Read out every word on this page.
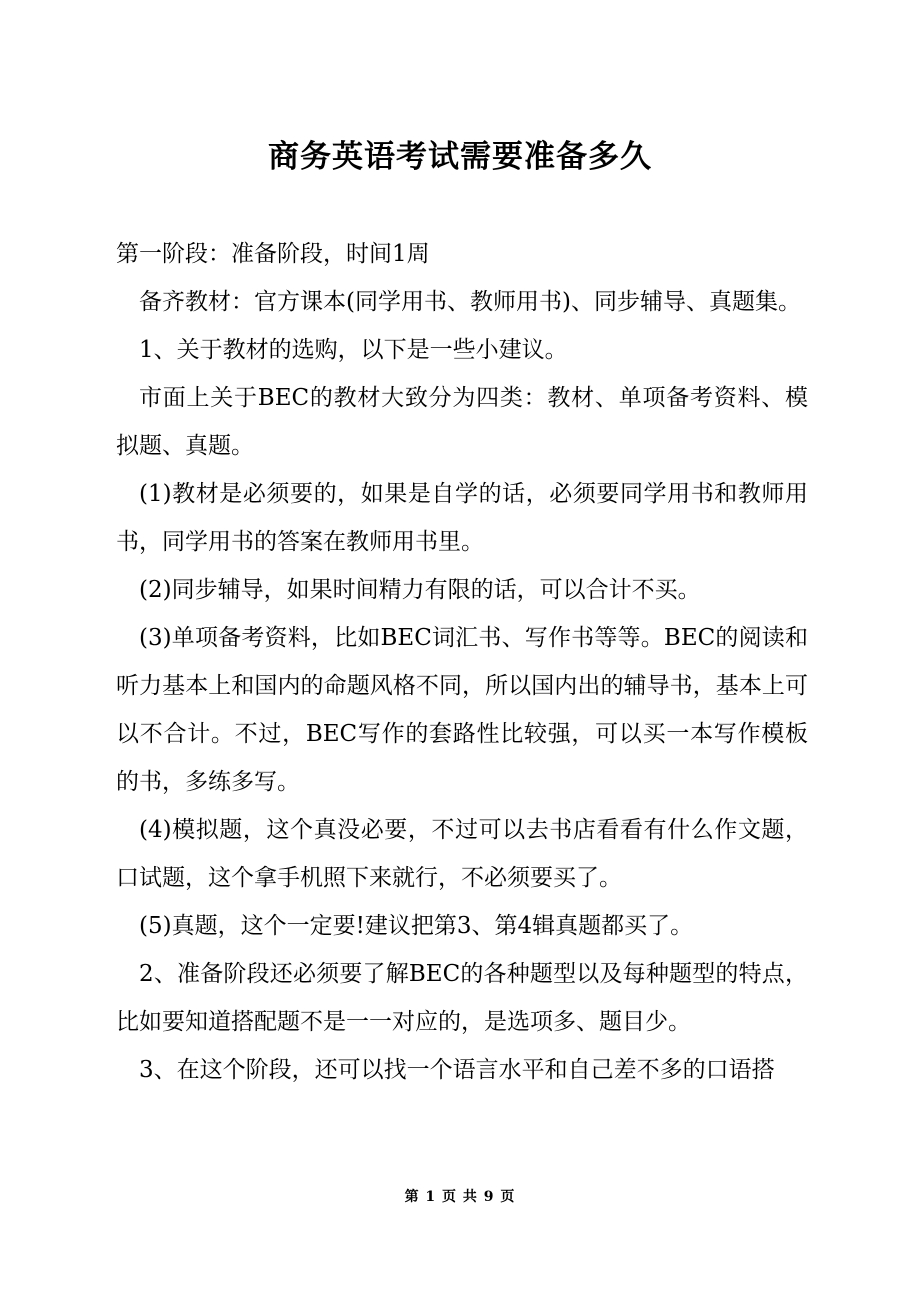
商务英语考试需要准备多久

第一阶段：准备阶段，时间1周

备齐教材：官方课本(同学用书、教师用书)、同步辅导、真题集。

1、关于教材的选购，以下是一些小建议。

市面上关于BEC的教材大致分为四类：教材、单项备考资料、模拟题、真题。

(1)教材是必须要的，如果是自学的话，必须要同学用书和教师用书，同学用书的答案在教师用书里。

(2)同步辅导，如果时间精力有限的话，可以合计不买。

(3)单项备考资料，比如BEC词汇书、写作书等等。BEC的阅读和听力基本上和国内的命题风格不同，所以国内出的辅导书，基本上可以不合计。不过，BEC写作的套路性比较强，可以买一本写作模板的书，多练多写。

(4)模拟题，这个真没必要，不过可以去书店看看有什么作文题，口试题，这个拿手机照下来就行，不必须要买了。

(5)真题，这个一定要!建议把第3、第4辑真题都买了。

2、准备阶段还必须要了解BEC的各种题型以及每种题型的特点，比如要知道搭配题不是一一对应的，是选项多、题目少。

3、在这个阶段，还可以找一个语言水平和自己差不多的口语搭

第 1 页 共 9 页
